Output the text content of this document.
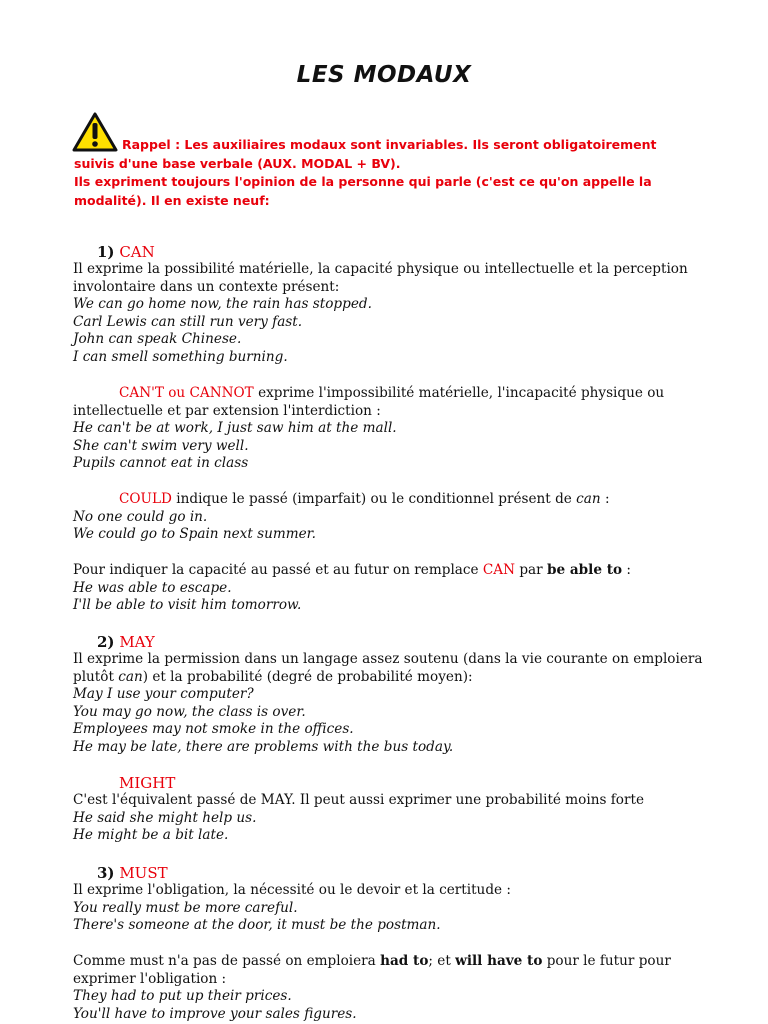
LES MODAUX
Rappel : Les auxiliaires modaux sont invariables. Ils seront obligatoirement
suivis d'une base verbale (AUX. MODAL + BV).
Ils expriment toujours l'opinion de la personne qui parle (c'est ce qu'on appelle la
modalité). Il en existe neuf:

1) CAN

Il exprime la possibilité matérielle, la capacité physique ou intellectuelle et la perception

involontaire dans un contexte présent:

We can go home now, the rain has stopped.

Carl Lewis can still run very fast.

John can speak Chinese.

I can smell something burning.

CAN'T ou CANNOT exprime l'impossibilité matérielle, l'incapacité physique ou

intellectuelle et par extension l'interdiction :

He can't be at work, I just saw him at the mall.

She can't swim very well.

Pupils cannot eat in class

COULD indique le passé (imparfait) ou le conditionnel présent de can :

No one could go in.

We could go to Spain next summer.

Pour indiquer la capacité au passé et au futur on remplace CAN par be able to :

He was able to escape.

I'll be able to visit him tomorrow.

2) MAY

Il exprime la permission dans un langage assez soutenu (dans la vie courante on emploiera

plutôt can) et la probabilité (degré de probabilité moyen):

May I use your computer?

You may go now, the class is over.

Employees may not smoke in the offices.

He may be late, there are problems with the bus today.

MIGHT

C'est l'équivalent passé de MAY. Il peut aussi exprimer une probabilité moins forte

He said she might help us.

He might be a bit late.

3) MUST

Il exprime l'obligation, la nécessité ou le devoir et la certitude :

You really must be more careful.

There's someone at the door, it must be the postman.

Comme must n'a pas de passé on emploiera had to; et will have to pour le futur pour

exprimer l'obligation :

They had to put up their prices.

You'll have to improve your sales figures.
